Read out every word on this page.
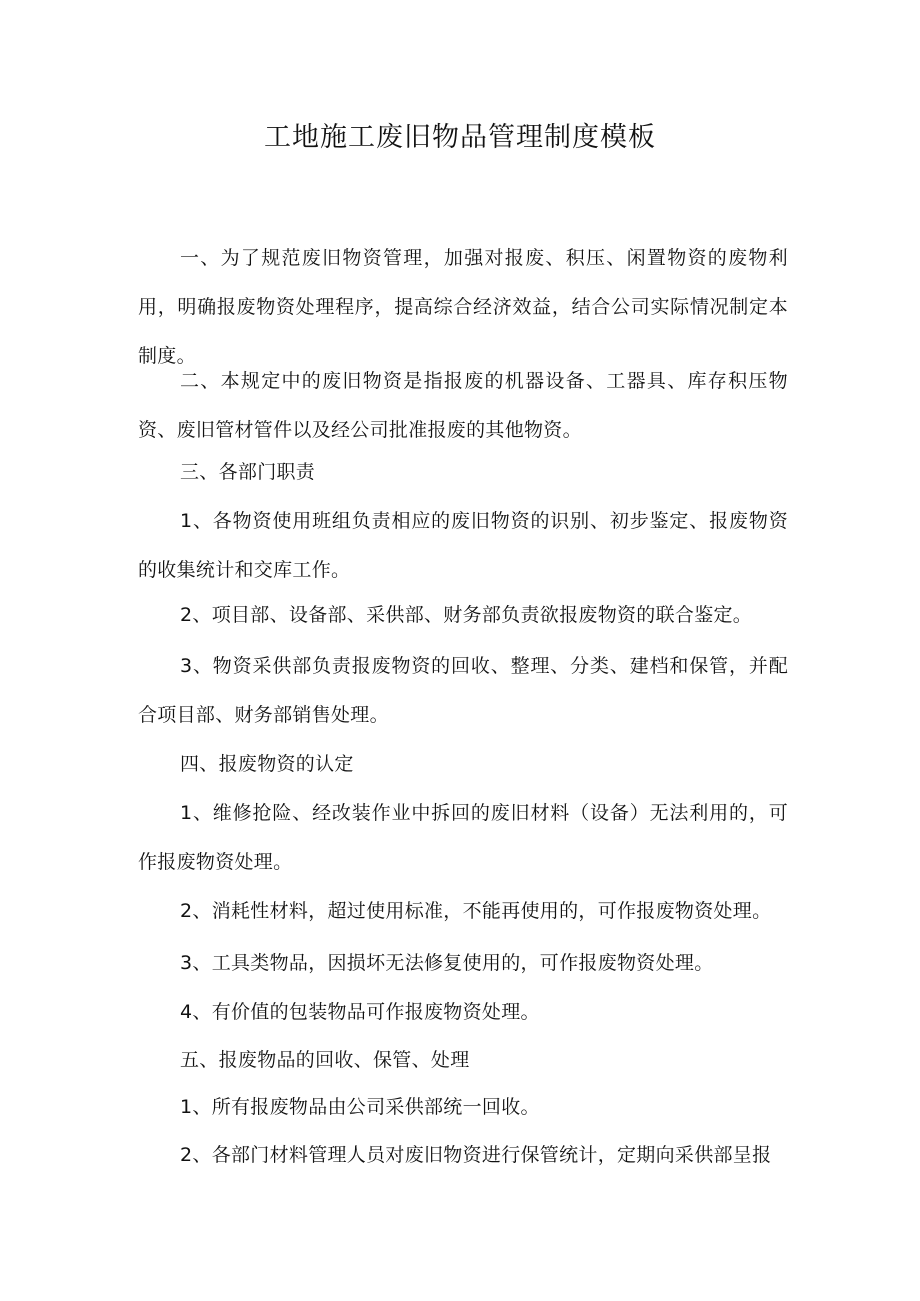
工地施工废旧物品管理制度模板

一、为了规范废旧物资管理，加强对报废、积压、闲置物资的废物利用，明确报废物资处理程序，提高综合经济效益，结合公司实际情况制定本制度。

二、本规定中的废旧物资是指报废的机器设备、工器具、库存积压物资、废旧管材管件以及经公司批准报废的其他物资。

三、各部门职责

1、各物资使用班组负责相应的废旧物资的识别、初步鉴定、报废物资的收集统计和交库工作。

2、项目部、设备部、采供部、财务部负责欲报废物资的联合鉴定。

3、物资采供部负责报废物资的回收、整理、分类、建档和保管，并配合项目部、财务部销售处理。

四、报废物资的认定

1、维修抢险、经改装作业中拆回的废旧材料（设备）无法利用的，可作报废物资处理。

2、消耗性材料，超过使用标准，不能再使用的，可作报废物资处理。

3、工具类物品，因损坏无法修复使用的，可作报废物资处理。

4、有价值的包装物品可作报废物资处理。

五、报废物品的回收、保管、处理

1、所有报废物品由公司采供部统一回收。

2、各部门材料管理人员对废旧物资进行保管统计，定期向采供部呈报
